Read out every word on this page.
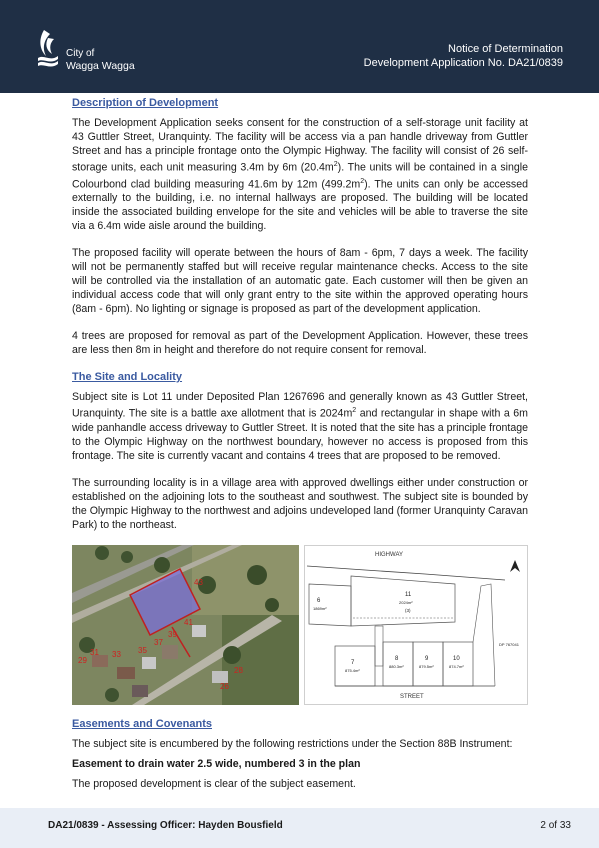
City of
Wagga Wagga
Notice of Determination
Development Application No. DA21/0839
Description of Development

The Development Application seeks consent for the construction of a self-storage unit facility at 43 Guttler Street, Uranquinty. The facility will be access via a pan handle driveway from Guttler Street and has a principle frontage onto the Olympic Highway. The facility will consist of 26 self-storage units, each unit measuring 3.4m by 6m $(20.4m^2)$. The units will be contained in a single Colourbond clad building measuring 41.6m by 12m $(499.2m^2)$. The units can only be accessed externally to the building, i.e. no internal hallways are proposed. The building will be located inside the associated building envelope for the site and vehicles will be able to traverse the site via a 6.4m wide aisle around the building.

The proposed facility will operate between the hours of 8am - 6pm, 7 days a week. The facility will not be permanently staffed but will receive regular maintenance checks. Access to the site will be controlled via the installation of an automatic gate. Each customer will then be given an individual access code that will only grant entry to the site within the approved operating hours (8am - 6pm). No lighting or signage is proposed as part of the development application.

4 trees are proposed for removal as part of the Development Application. However, these trees are less then 8m in height and therefore do not require consent for removal.

The Site and Locality

Subject site is Lot 11 under Deposited Plan 1267696 and generally known as 43 Guttler Street, Uranquinty. The site is a battle axe allotment that is $2024m^2$ and rectangular in shape with a 6m wide panhandle access driveway to Guttler Street. It is noted that the site has a principle frontage to the Olympic Highway on the northwest boundary, however no access is proposed from this frontage. The site is currently vacant and contains 4 trees that are proposed to be removed.

The surrounding locality is in a village area with approved dwellings either under construction or established on the adjoining lots to the southeast and southwest. The subject site is bounded by the Olympic Highway to the northwest and adjoins undeveloped land (former Uranquinty Caravan Park) to the northeast.

43
41
39
37
35
33
31
29
28
26
HIGHWAY
STREET
6
1869m²
11
2024m²
(3)
7
875.4m²
8
880.3m²
9
879.5m²
10
874.7m²
DP 767041
Easements and Covenants

The subject site is encumbered by the following restrictions under the Section 88B Instrument:

Easement to drain water 2.5 wide, numbered 3 in the plan

The proposed development is clear of the subject easement.

DA21/0839 - Assessing Officer: Hayden Bousfield	2 of 33
